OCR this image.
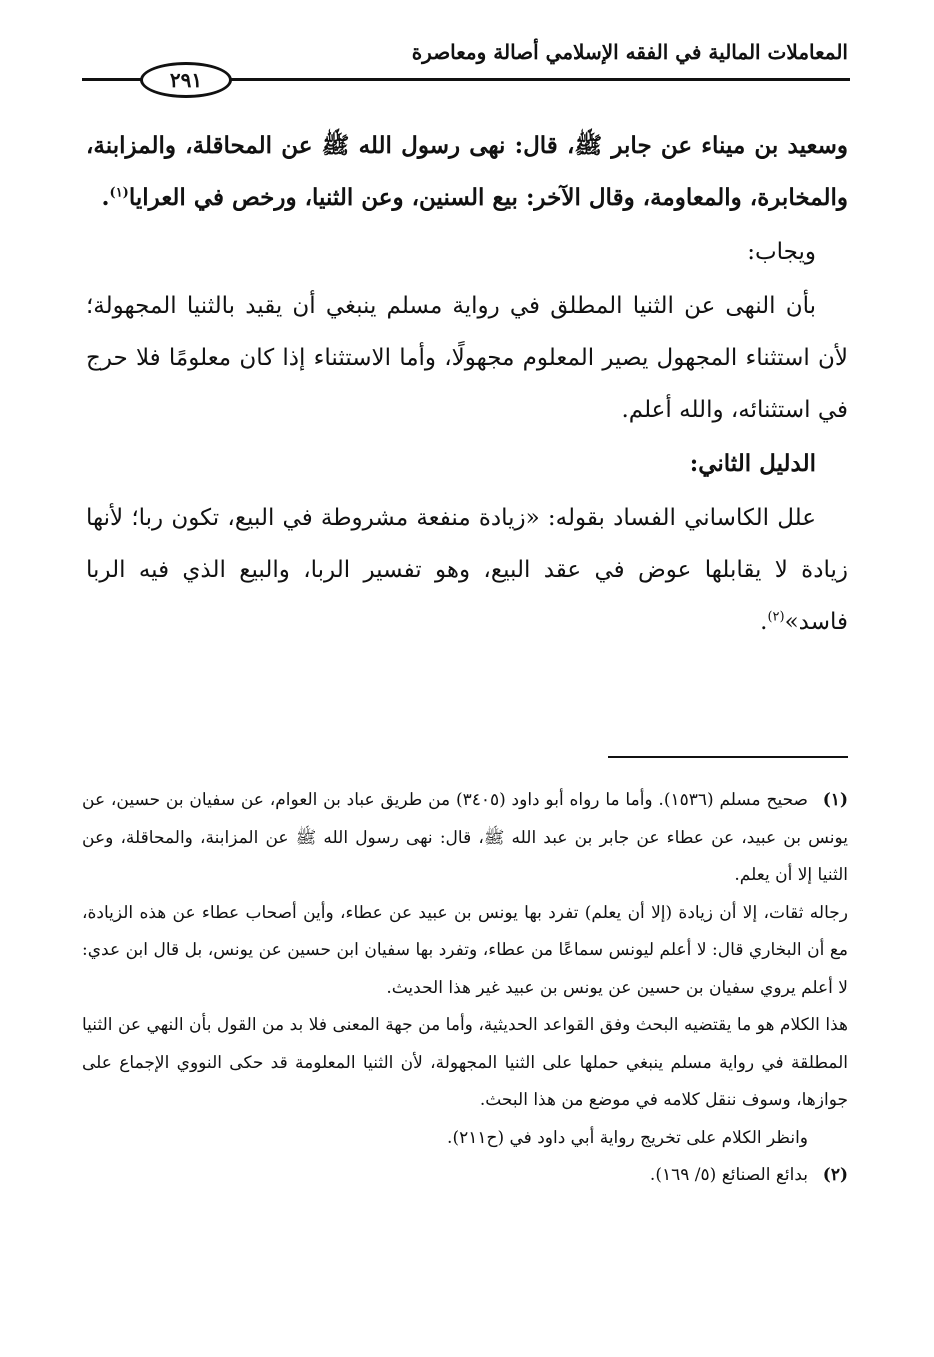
المعاملات المالية في الفقه الإسلامي أصالة ومعاصرة
٢٩١

وسعيد بن ميناء عن جابر ﷺ، قال: نهى رسول الله ﷺ عن المحاقلة، والمزابنة، والمخابرة، والمعاومة، وقال الآخر: بيع السنين، وعن الثنيا، ورخص في العرايا$^{(١)}$.

ويجاب:

بأن النهى عن الثنيا المطلق في رواية مسلم ينبغي أن يقيد بالثنيا المجهولة؛ لأن استثناء المجهول يصير المعلوم مجهولًا، وأما الاستثناء إذا كان معلومًا فلا حرج في استثنائه، والله أعلم.

الدليل الثاني:

علل الكاساني الفساد بقوله: «زيادة منفعة مشروطة في البيع، تكون ربا؛ لأنها زيادة لا يقابلها عوض في عقد البيع، وهو تفسير الربا، والبيع الذي فيه الربا فاسد»$^{(٢)}$.

(١)صحيح مسلم (١٥٣٦). وأما ما رواه أبو داود (٣٤٠٥) من طريق عباد بن العوام، عن سفيان بن حسين، عن يونس بن عبيد، عن عطاء عن جابر بن عبد الله ﷺ، قال: نهى رسول الله ﷺ عن المزابنة، والمحاقلة، وعن الثنيا إلا أن يعلم.

رجاله ثقات، إلا أن زيادة (إلا أن يعلم) تفرد بها يونس بن عبيد عن عطاء، وأين أصحاب عطاء عن هذه الزيادة، مع أن البخاري قال: لا أعلم ليونس سماعًا من عطاء، وتفرد بها سفيان ابن حسين عن يونس، بل قال ابن عدي: لا أعلم يروي سفيان بن حسين عن يونس بن عبيد غير هذا الحديث.

هذا الكلام هو ما يقتضيه البحث وفق القواعد الحديثية، وأما من جهة المعنى فلا بد من القول بأن النهي عن الثنيا المطلقة في رواية مسلم ينبغي حملها على الثنيا المجهولة، لأن الثنيا المعلومة قد حكى النووي الإجماع على جوازها، وسوف ننقل كلامه في موضع من هذا البحث.

وانظر الكلام على تخريج رواية أبي داود في (ح٢١١).

(٢)بدائع الصنائع (٥/ ١٦٩).
